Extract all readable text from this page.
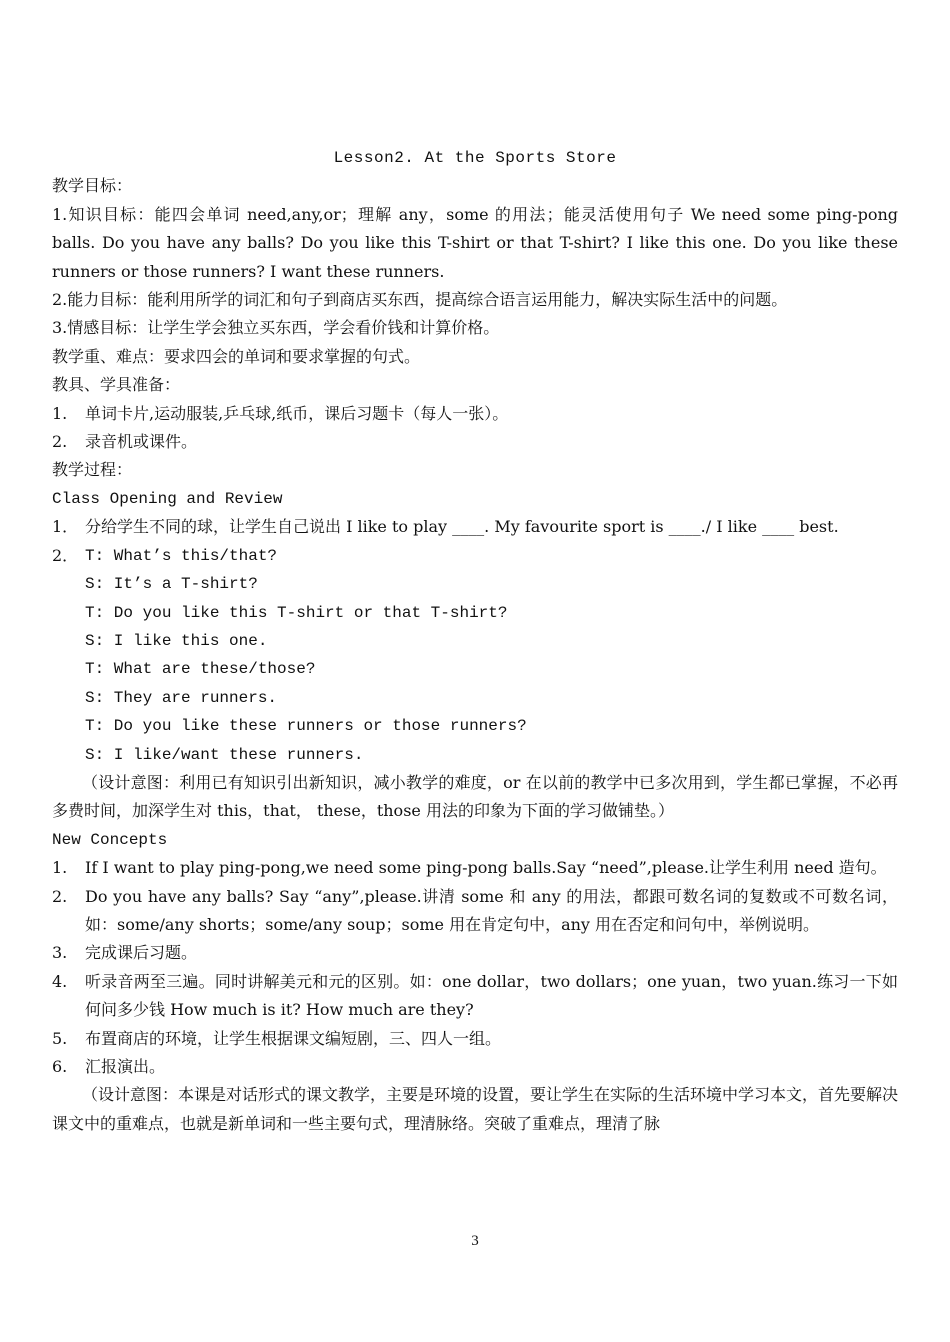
Lesson2. At the Sports Store
教学目标：
1.知识目标：能四会单词 need,any,or；理解 any，some 的用法；能灵活使用句子 We need some ping-pong balls. Do you have any balls? Do you like this T-shirt or that T-shirt? I like this one. Do you like these runners or those runners? I want these runners.
2.能力目标：能利用所学的词汇和句子到商店买东西，提高综合语言运用能力，解决实际生活中的问题。
3.情感目标：让学生学会独立买东西，学会看价钱和计算价格。
教学重、难点：要求四会的单词和要求掌握的句式。
教具、学具准备：
1.	单词卡片,运动服装,乒乓球,纸币，课后习题卡（每人一张）。
2.	录音机或课件。
教学过程：
Class Opening and Review
1． 分给学生不同的球，让学生自己说出 I like to play ____. My favourite sport is ____./ I like ____ best.
2． T: What’s this/that?
S: It’s a T-shirt?
T: Do you like this T-shirt or that T-shirt?
S: I like this one.
T: What are these/those?
S: They are runners.
T: Do you like these runners or those runners?
S: I like/want these runners.
（设计意图：利用已有知识引出新知识，减小教学的难度，or 在以前的教学中已多次用到，学生都已掌握，不必再多费时间，加深学生对 this，that， these，those 用法的印象为下面的学习做铺垫。）
New Concepts
1.	If I want to play ping-pong,we need some ping-pong balls.Say “need”,please.让学生利用 need 造句。
2.	Do you have any balls? Say “any”,please.讲清 some 和 any 的用法，都跟可数名词的复数或不可数名词，如：some/any shorts；some/any soup；some 用在肯定句中，any 用在否定和问句中，举例说明。
3.	完成课后习题。
4.	听录音两至三遍。同时讲解美元和元的区别。如：one dollar，two dollars；one yuan，two yuan.练习一下如何问多少钱 How much is it? How much are they?
5.	布置商店的环境，让学生根据课文编短剧，三、四人一组。
6.	汇报演出。
（设计意图：本课是对话形式的课文教学，主要是环境的设置，要让学生在实际的生活环境中学习本文，首先要解决课文中的重难点，也就是新单词和一些主要句式，理清脉络。突破了重难点，理清了脉
3
